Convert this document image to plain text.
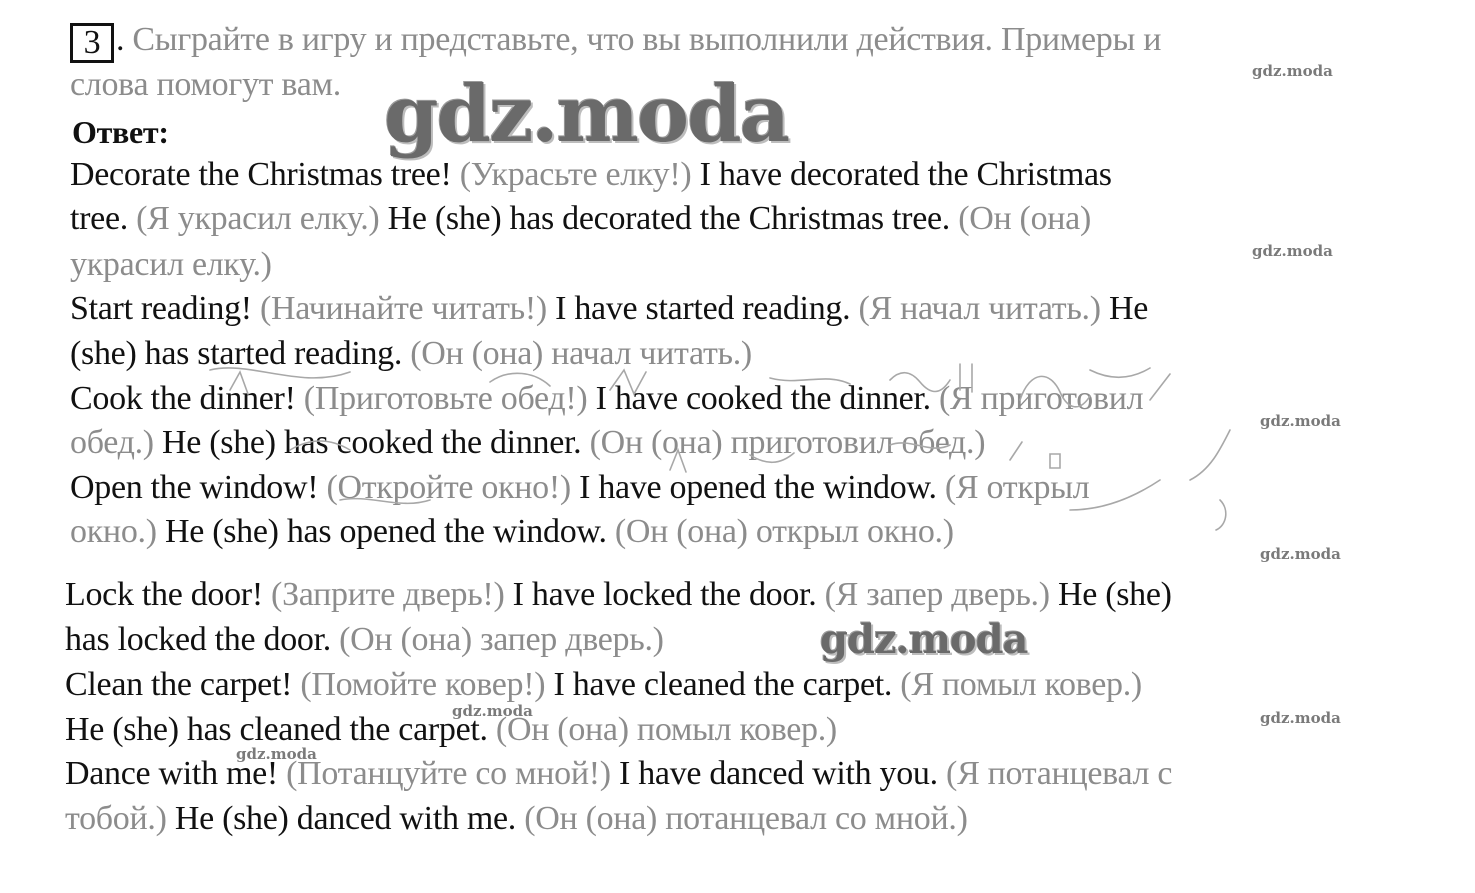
3 . Сыграйте в игру и представьте, что вы выполнили действия. Примеры и
слова помогут вам.
Ответ:
Decorate the Christmas tree! (Украсьте елку!) I have decorated the Christmas
tree. (Я украсил елку.) He (she) has decorated the Christmas tree. (Он (она)
украсил елку.)
Start reading! (Начинайте читать!) I have started reading. (Я начал читать.) He
(she) has started reading. (Он (она) начал читать.)
Cook the dinner! (Приготовьте обед!) I have cooked the dinner. (Я приготовил
обед.) He (she) has cooked the dinner. (Он (она) приготовил обед.)
Open the window! (Откройте окно!) I have opened the window. (Я открыл
окно.) He (she) has opened the window. (Он (она) открыл окно.)
Lock the door! (Заприте дверь!) I have locked the door. (Я запер дверь.) He (she)
has locked the door. (Он (она) запер дверь.)
Clean the carpet! (Помойте ковер!) I have cleaned the carpet. (Я помыл ковер.)
He (she) has cleaned the carpet. (Он (она) помыл ковер.)
Dance with me! (Потанцуйте со мной!) I have danced with you. (Я потанцевал с
тобой.) He (she) danced with me. (Он (она) потанцевал со мной.)
gdz.moda
gdz.moda
gdz.moda
gdz.moda
gdz.moda
gdz.moda
gdz.moda
gdz.moda
gdz.moda
